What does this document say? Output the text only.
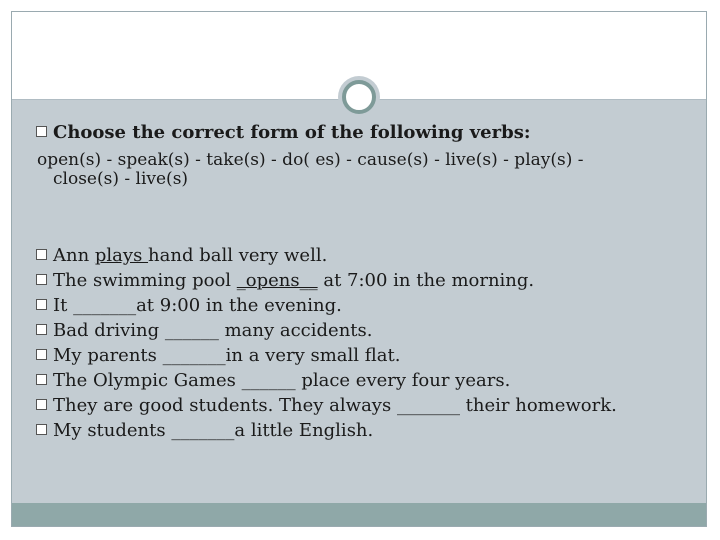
Choose the correct form of the following verbs:
open(s) - speak(s) - take(s) - do( es) - cause(s) - live(s) - play(s) -
close(s) - live(s)
Ann plays hand ball very well.
The swimming pool _opens__ at 7:00 in the morning.
It _______at 9:00 in the evening.
Bad driving ______ many accidents.
My parents _______in a very small flat.
The Olympic Games ______ place every four years.
They are good students. They always _______ their homework.
My students _______a little English.
